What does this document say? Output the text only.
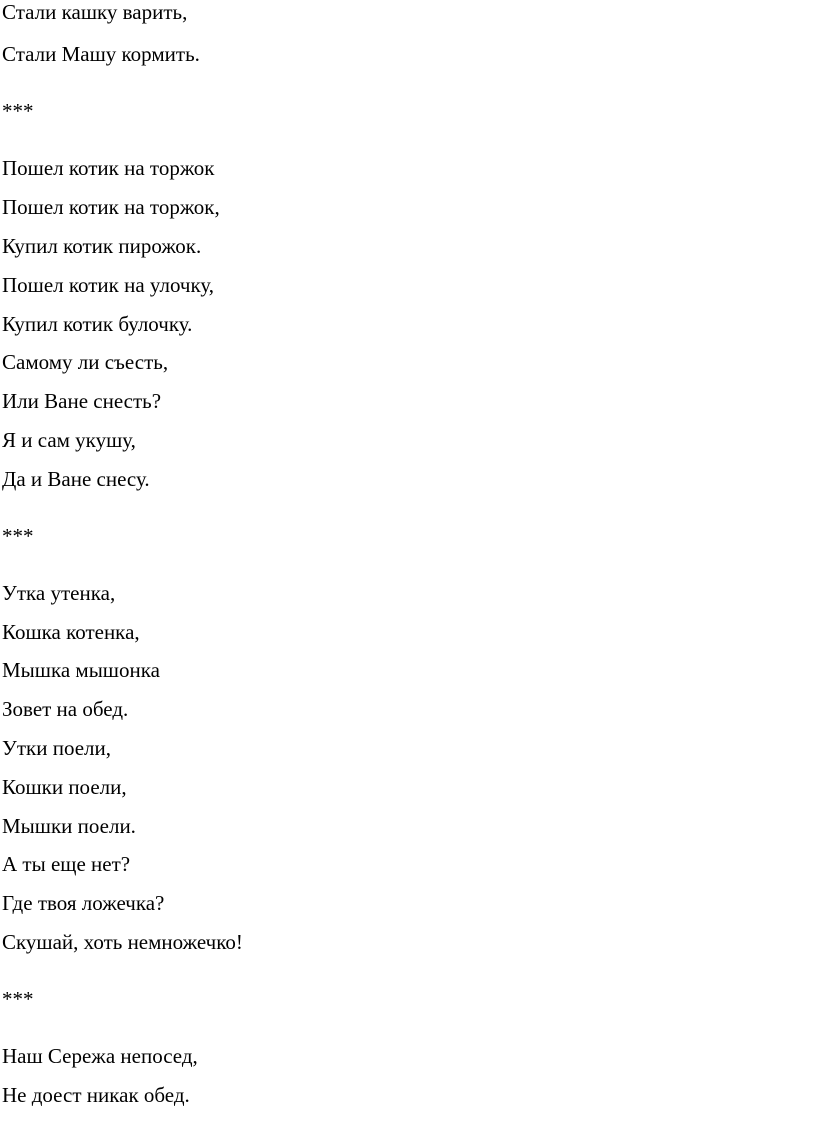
Стали кашку варить,
Стали Машу кормить.
***
Пошел котик на торжок
Пошел котик на торжок,
Купил котик пирожок.
Пошел котик на улочку,
Купил котик булочку.
Самому ли съесть,
Или Ване снесть?
Я и сам укушу,
Да и Ване снесу.
***
Утка утенка,
Кошка котенка,
Мышка мышонка
Зовет на обед.
Утки поели,
Кошки поели,
Мышки поели.
А ты еще нет?
Где твоя ложечка?
Скушай, хоть немножечко!
***
Наш Сережа непосед,
Не доест никак обед.
